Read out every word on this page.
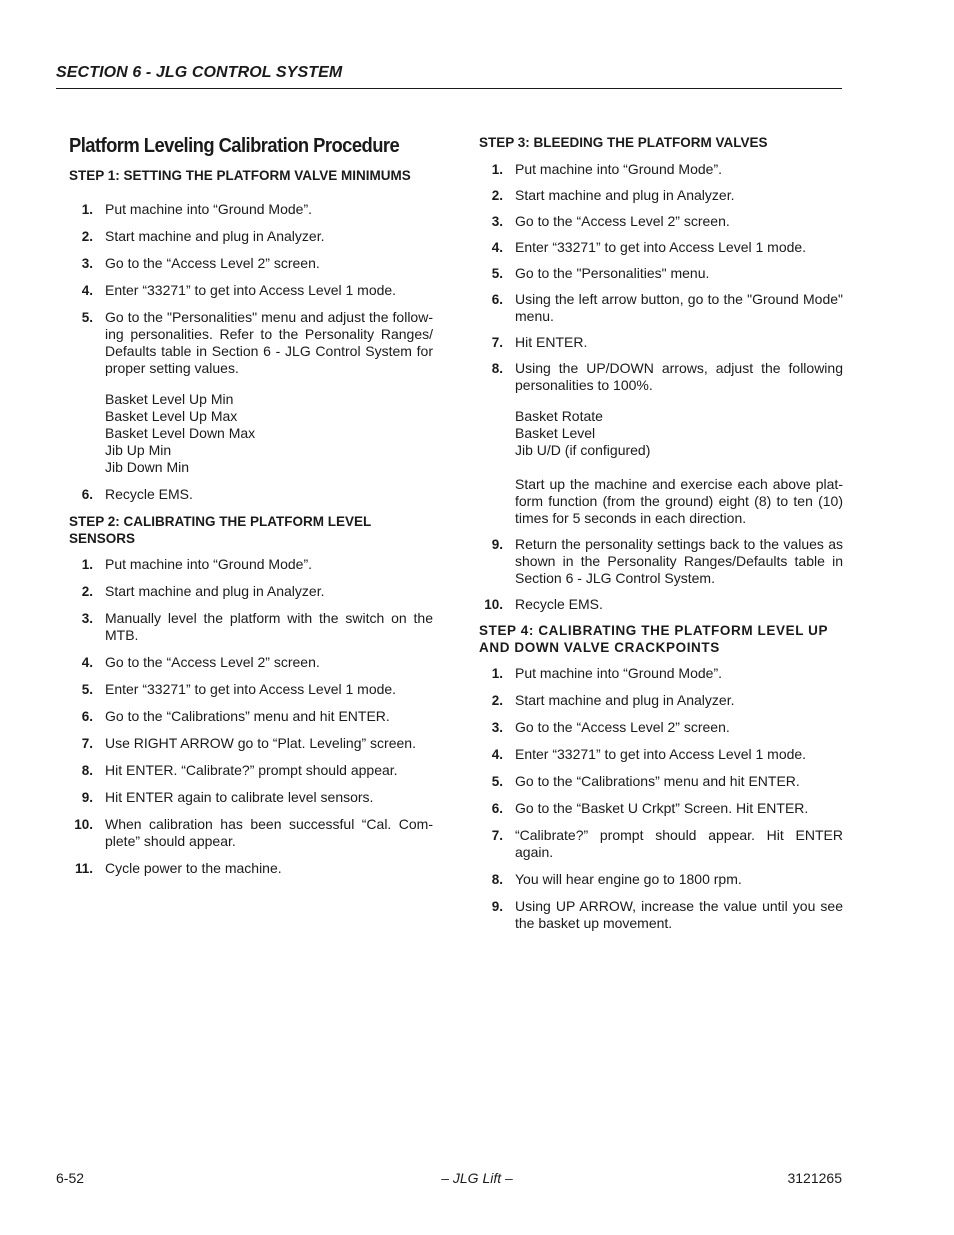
SECTION 6 - JLG CONTROL SYSTEM
Platform Leveling Calibration Procedure
STEP 1: SETTING THE PLATFORM VALVE MINIMUMS
1. Put machine into “Ground Mode”.
2. Start machine and plug in Analyzer.
3. Go to the “Access Level 2” screen.
4. Enter “33271” to get into Access Level 1 mode.
5. Go to the "Personalities" menu and adjust the follow-ing personalities. Refer to the Personality Ranges/ Defaults table in Section 6 - JLG Control System for proper setting values.
Basket Level Up Min
Basket Level Up Max
Basket Level Down Max
Jib Up Min
Jib Down Min
6. Recycle EMS.
STEP 2: CALIBRATING THE PLATFORM LEVEL SENSORS
1. Put machine into “Ground Mode”.
2. Start machine and plug in Analyzer.
3. Manually level the platform with the switch on the MTB.
4. Go to the “Access Level 2” screen.
5. Enter “33271” to get into Access Level 1 mode.
6. Go to the “Calibrations” menu and hit ENTER.
7. Use RIGHT ARROW go to “Plat. Leveling” screen.
8. Hit ENTER. “Calibrate?” prompt should appear.
9. Hit ENTER again to calibrate level sensors.
10. When calibration has been successful “Cal. Com-plete” should appear.
11. Cycle power to the machine.
STEP 3: BLEEDING THE PLATFORM VALVES
1. Put machine into “Ground Mode”.
2. Start machine and plug in Analyzer.
3. Go to the “Access Level 2” screen.
4. Enter “33271” to get into Access Level 1 mode.
5. Go to the "Personalities" menu.
6. Using the left arrow button, go to the "Ground Mode" menu.
7. Hit ENTER.
8. Using the UP/DOWN arrows, adjust the following personalities to 100%.
Basket Rotate
Basket Level
Jib U/D (if configured)
Start up the machine and exercise each above plat-form function (from the ground) eight (8) to ten (10) times for 5 seconds in each direction.
9. Return the personality settings back to the values as shown in the Personality Ranges/Defaults table in Section 6 - JLG Control System.
10. Recycle EMS.
STEP 4: CALIBRATING THE PLATFORM LEVEL UP AND DOWN VALVE CRACKPOINTS
1. Put machine into “Ground Mode”.
2. Start machine and plug in Analyzer.
3. Go to the “Access Level 2” screen.
4. Enter “33271” to get into Access Level 1 mode.
5. Go to the “Calibrations” menu and hit ENTER.
6. Go to the “Basket U Crkpt” Screen. Hit ENTER.
7. “Calibrate?” prompt should appear. Hit ENTER again.
8. You will hear engine go to 1800 rpm.
9. Using UP ARROW, increase the value until you see the basket up movement.
6-52	– JLG Lift –	3121265
